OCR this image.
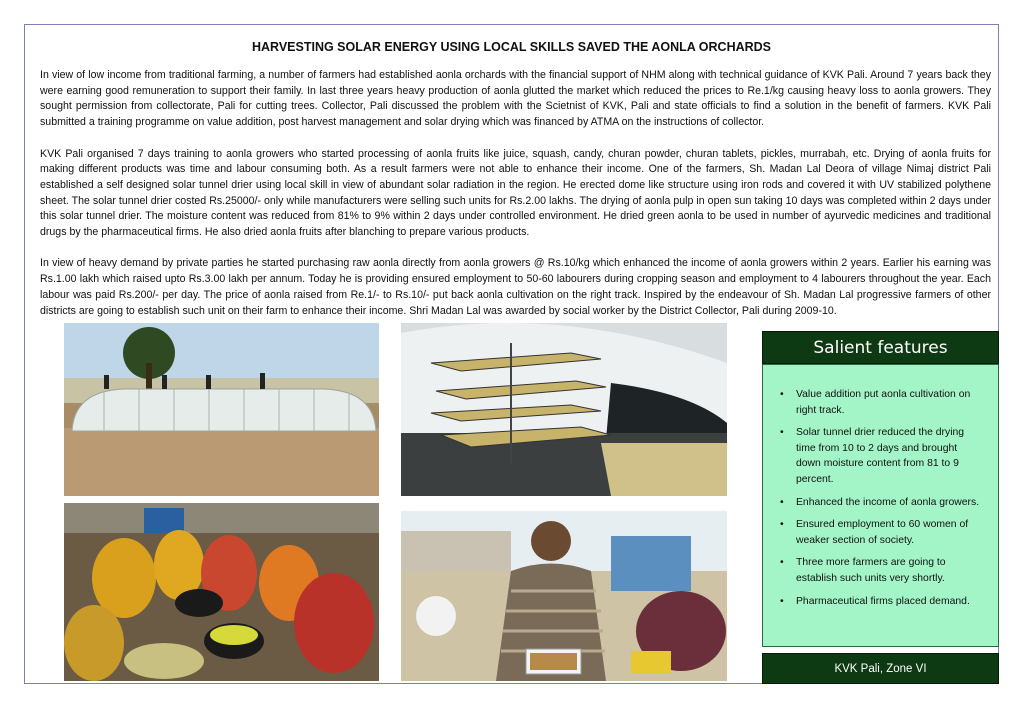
HARVESTING SOLAR ENERGY USING LOCAL SKILLS SAVED THE AONLA ORCHARDS

In view of low income from traditional farming, a number of farmers had established aonla orchards with the financial support of NHM along with technical guidance of KVK Pali. Around 7 years back they were earning good remuneration to support their family. In last three years heavy production of aonla glutted the market which reduced the prices to Re.1/kg causing heavy loss to aonla growers. They sought permission from collectorate, Pali for cutting trees. Collector, Pali discussed the problem with the Scietnist of KVK, Pali and state officials to find a solution in the benefit of farmers. KVK Pali submitted a training programme on value addition, post harvest management and solar drying which was financed by ATMA on the instructions of collector.

KVK Pali organised 7 days training to aonla growers who started processing of aonla fruits like juice, squash, candy, churan powder, churan tablets, pickles, murrabah, etc. Drying of aonla fruits for making different products was time and labour consuming both. As a result farmers were not able to enhance their income. One of the farmers, Sh. Madan Lal Deora of village Nimaj district Pali established a self designed solar tunnel drier using local skill in view of abundant solar radiation in the region. He erected dome like structure using iron rods and covered it with UV stabilized polythene sheet. The solar tunnel drier costed Rs.25000/- only while manufacturers were selling such units for Rs.2.00 lakhs. The drying of aonla pulp in open sun taking 10 days was completed within 2 days under this solar tunnel drier. The moisture content was reduced from 81% to 9% within 2 days under controlled environment. He dried green aonla to be used in number of ayurvedic medicines and traditional drugs by the pharmaceutical firms. He also dried aonla fruits after blanching to prepare various products.

In view of heavy demand by private parties he started purchasing raw aonla directly from aonla growers @ Rs.10/kg which enhanced the income of aonla growers within 2 years. Earlier his earning was Rs.1.00 lakh which raised upto Rs.3.00 lakh per annum. Today he is providing ensured employment to 50-60 labourers during cropping season and employment to 4 labourers throughout the year. Each labour was paid Rs.200/- per day. The price of aonla raised from Re.1/- to Rs.10/- put back aonla cultivation on the right track. Inspired by the endeavour of Sh. Madan Lal progressive farmers of other districts are going to establish such unit on their farm to enhance their income. Shri Madan Lal was awarded by social worker by the District Collector, Pali during 2009-10.

Salient features
• Value addition put aonla cultivation on right track.
• Solar tunnel drier reduced the drying time from 10 to 2 days and brought down moisture content from 81 to 9 percent.
• Enhanced the income of aonla growers.
• Ensured employment to 60 women of weaker section of society.
• Three more farmers are going to establish such units very shortly.
• Pharmaceutical firms placed demand.
KVK Pali, Zone VI
